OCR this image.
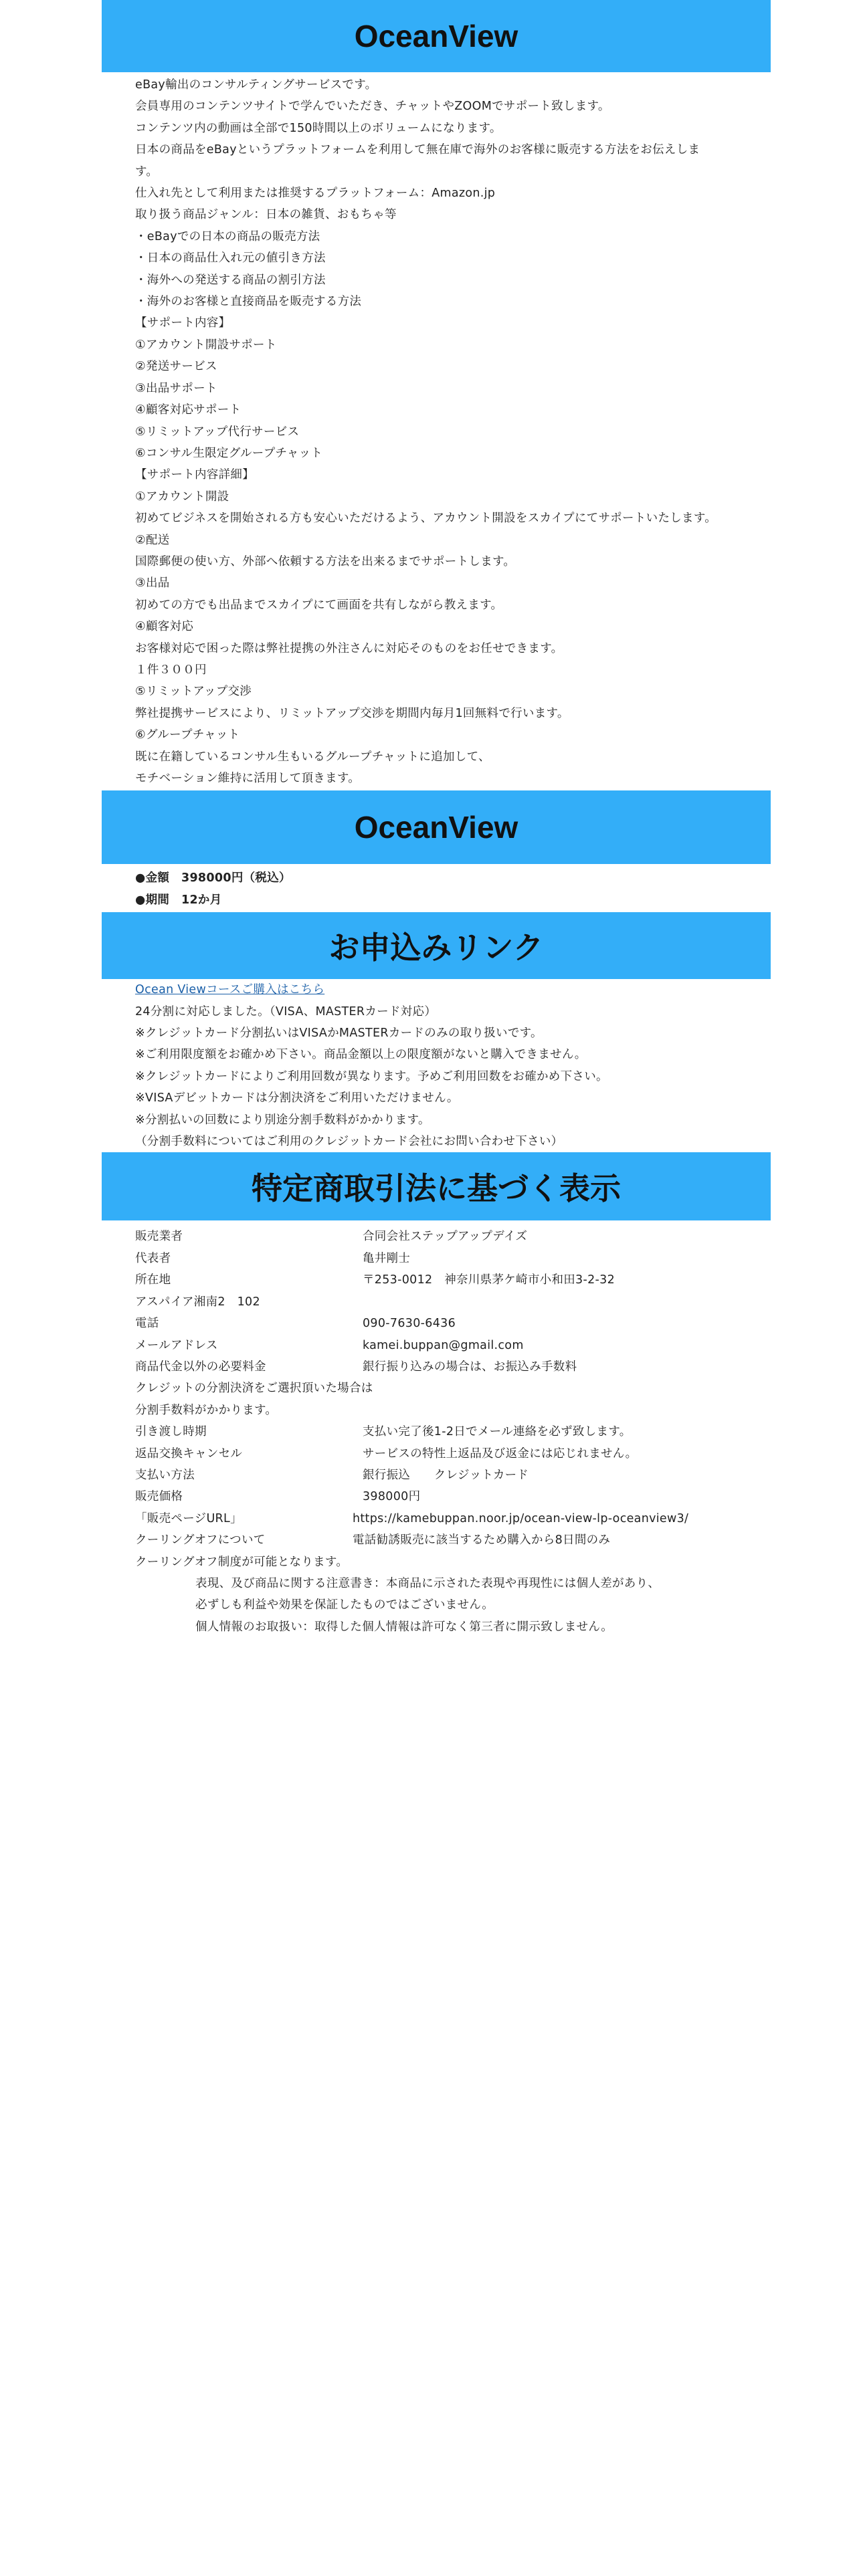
OceanView
eBay輸出のコンサルティングサービスです。
会員専用のコンテンツサイトで学んでいただき、チャットやZOOMでサポート致します。
コンテンツ内の動画は全部で150時間以上のボリュームになります。
日本の商品をeBayというプラットフォームを利用して無在庫で海外のお客様に販売する方法をお伝えします。
仕入れ先として利用または推奨するプラットフォーム：Amazon.jp
取り扱う商品ジャンル：日本の雑貨、おもちゃ等
・eBayでの日本の商品の販売方法
・日本の商品仕入れ元の値引き方法
・海外への発送する商品の割引方法
・海外のお客様と直接商品を販売する方法
【サポート内容】
①アカウント開設サポート
②発送サービス
③出品サポート
④顧客対応サポート
⑤リミットアップ代行サービス
⑥コンサル生限定グループチャット
【サポート内容詳細】
①アカウント開設
初めてビジネスを開始される方も安心いただけるよう、アカウント開設をスカイプにてサポートいたします。
②配送
国際郵便の使い方、外部へ依頼する方法を出来るまでサポートします。
③出品
初めての方でも出品までスカイプにて画面を共有しながら教えます。
④顧客対応
お客様対応で困った際は弊社提携の外注さんに対応そのものをお任せできます。
１件３００円
⑤リミットアップ交渉
弊社提携サービスにより、リミットアップ交渉を期間内毎月1回無料で行います。
⑥グループチャット
既に在籍しているコンサル生もいるグループチャットに追加して、
モチベーション維持に活用して頂きます。
OceanView
●金額　398000円（税込）
●期間　12か月
お申込みリンク
Ocean Viewコースご購入はこちら
24分割に対応しました。（VISA、MASTERカード対応）
※クレジットカード分割払いはVISAかMASTERカードのみの取り扱いです。
※ご利用限度額をお確かめ下さい。商品金額以上の限度額がないと購入できません。
※クレジットカードによりご利用回数が異なります。予めご利用回数をお確かめ下さい。
※VISAデビットカードは分割決済をご利用いただけません。
※分割払いの回数により別途分割手数料がかかります。
（分割手数料についてはご利用のクレジットカード会社にお問い合わせ下さい）
特定商取引法に基づく表示
販売業者	合同会社ステップアップデイズ
代表者	亀井剛士
所在地	〒253-0012　神奈川県茅ケ崎市小和田3-2-32
アスパイア湘南2　102
電話	090-7630-6436
メールアドレス	kamei.buppan@gmail.com
商品代金以外の必要料金	銀行振り込みの場合は、お振込み手数料
クレジットの分割決済をご選択頂いた場合は
分割手数料がかかります。
引き渡し時期	支払い完了後1-2日でメール連絡を必ず致します。
返品交換キャンセル	サービスの特性上返品及び返金には応じれません。
支払い方法	銀行振込　　クレジットカード
販売価格	398000円
「販売ページURL」	https://kamebuppan.noor.jp/ocean-view-lp-oceanview3/
クーリングオフについて	電話勧誘販売に該当するため購入から8日間のみ
クーリングオフ制度が可能となります。
表現、及び商品に関する注意書き：本商品に示された表現や再現性には個人差があり、
必ずしも利益や効果を保証したものではございません。
個人情報のお取扱い：取得した個人情報は許可なく第三者に開示致しません。
